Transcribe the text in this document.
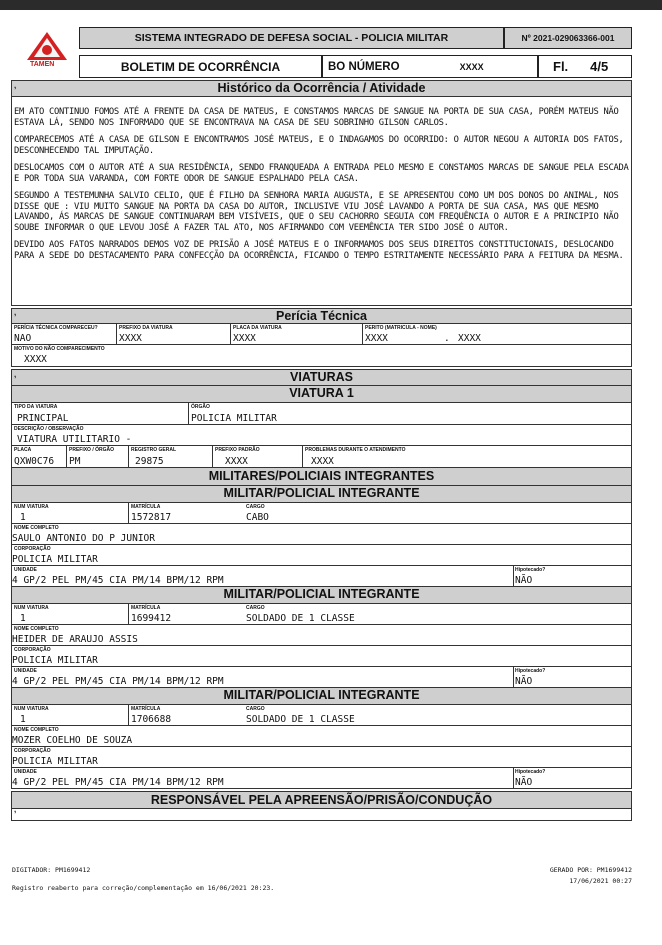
TAMEN
SISTEMA INTEGRADO DE DEFESA SOCIAL - POLICIA MILITAR	Nº 2021-029063366-001
BOLETIM DE OCORRÊNCIA	BO NÚMERO	XXXX	Fl. 4/5
,	Histórico da Ocorrência / Atividade

EM ATO CONTINUO FOMOS ATÉ A FRENTE DA CASA DE MATEUS, E CONSTAMOS MARCAS DE SANGUE NA PORTA DE SUA CASA, PORÉM MATEUS NÃO ESTAVA LÁ, SENDO NOS INFORMADO QUE SE ENCONTRAVA NA CASA DE SEU SOBRINHO GILSON CARLOS.

COMPARECEMOS ATÉ A CASA DE GILSON E ENCONTRAMOS JOSÉ MATEUS, E O INDAGAMOS DO OCORRIDO: O AUTOR NEGOU A AUTORIA DOS FATOS, DESCONHECENDO TAL IMPUTAÇÃO.

DESLOCAMOS COM O AUTOR ATÉ A SUA RESIDÊNCIA, SENDO FRANQUEADA A ENTRADA PELO MESMO E CONSTAMOS MARCAS DE SANGUE PELA ESCADA E POR TODA SUA VARANDA, COM FORTE ODOR DE SANGUE ESPALHADO PELA CASA.

SEGUNDO A TESTEMUNHA SALVIO CELIO, QUE É FILHO DA SENHORA MARIA AUGUSTA, E SE APRESENTOU COMO UM DOS DONOS DO ANIMAL, NOS DISSE QUE : VIU MUITO SANGUE NA PORTA DA CASA DO AUTOR, INCLUSIVE VIU JOSÉ LAVANDO A PORTA DE SUA CASA, MAS QUE MESMO LAVANDO, ÁS MARCAS DE SANGUE CONTINUARAM BEM VISÍVEIS, QUE O SEU CACHORRO SEGUIA COM FREQUÊNCIA O AUTOR E A PRINCIPIO NÃO SOUBE INFORMAR O QUE LEVOU JOSÉ A FAZER TAL ATO, NOS AFIRMANDO COM VEEMÊNCIA TER SIDO JOSÉ O AUTOR.

DEVIDO AOS FATOS NARRADOS DEMOS VOZ DE PRISÃO A JOSÉ MATEUS E O INFORMAMOS DOS SEUS DIREITOS CONSTITUCIONAIS, DESLOCANDO PARA A SEDE DO DESTACAMENTO PARA CONFECÇÃO DA OCORRÊNCIA, FICANDO O TEMPO ESTRITAMENTE NECESSÁRIO PARA A FEITURA DA MESMA.

,	Perícia Técnica
PERÍCIA TÉCNICA COMPARECEU?
NAO
PREFIXO DA VIATURA
XXXX
PLACA DA VIATURA
XXXX
PERITO (MATRICULA - NOME)
XXXX	. XXXX
MOTIVO DO NÃO COMPARECIMENTO
XXXX
,	VIATURAS
VIATURA 1
TIPO DA VIATURA
PRINCIPAL
ÓRGÃO
POLICIA MILITAR
DESCRIÇÃO / OBSERVAÇÃO
VIATURA UTILITARIO -
PLACA
QXW0C76
PREFIXO / ÓRGÃO
PM
REGISTRO GERAL
29875
PREFIXO PADRÃO
XXXX
PROBLEMAS DURANTE O ATENDIMENTO
XXXX
MILITARES/POLICIAIS INTEGRANTES
MILITAR/POLICIAL INTEGRANTE
NUM VIATURA
1
MATRÍCULA
1572817
CARGO
CABO
NOME COMPLETO
SAULO ANTONIO DO P JUNIOR
CORPORAÇÃO
POLICIA MILITAR
UNIDADE
4 GP/2 PEL PM/45 CIA PM/14 BPM/12 RPM
Hipotecado?
NÃO
MILITAR/POLICIAL INTEGRANTE
NUM VIATURA
1
MATRÍCULA
1699412
CARGO
SOLDADO DE 1 CLASSE
NOME COMPLETO
HEIDER DE ARAUJO ASSIS
CORPORAÇÃO
POLICIA MILITAR
UNIDADE
4 GP/2 PEL PM/45 CIA PM/14 BPM/12 RPM
Hipotecado?
NÃO
MILITAR/POLICIAL INTEGRANTE
NUM VIATURA
1
MATRÍCULA
1706688
CARGO
SOLDADO DE 1 CLASSE
NOME COMPLETO
MOZER COELHO DE SOUZA
CORPORAÇÃO
POLICIA MILITAR
UNIDADE
4 GP/2 PEL PM/45 CIA PM/14 BPM/12 RPM
Hipotecado?
NÃO
RESPONSÁVEL PELA APREENSÃO/PRISÃO/CONDUÇÃO
,
DIGITADOR: PM1699412	GERADO POR: PM1699412
17/06/2021 00:27
Registro reaberto para correção/complementação em 16/06/2021 20:23.
